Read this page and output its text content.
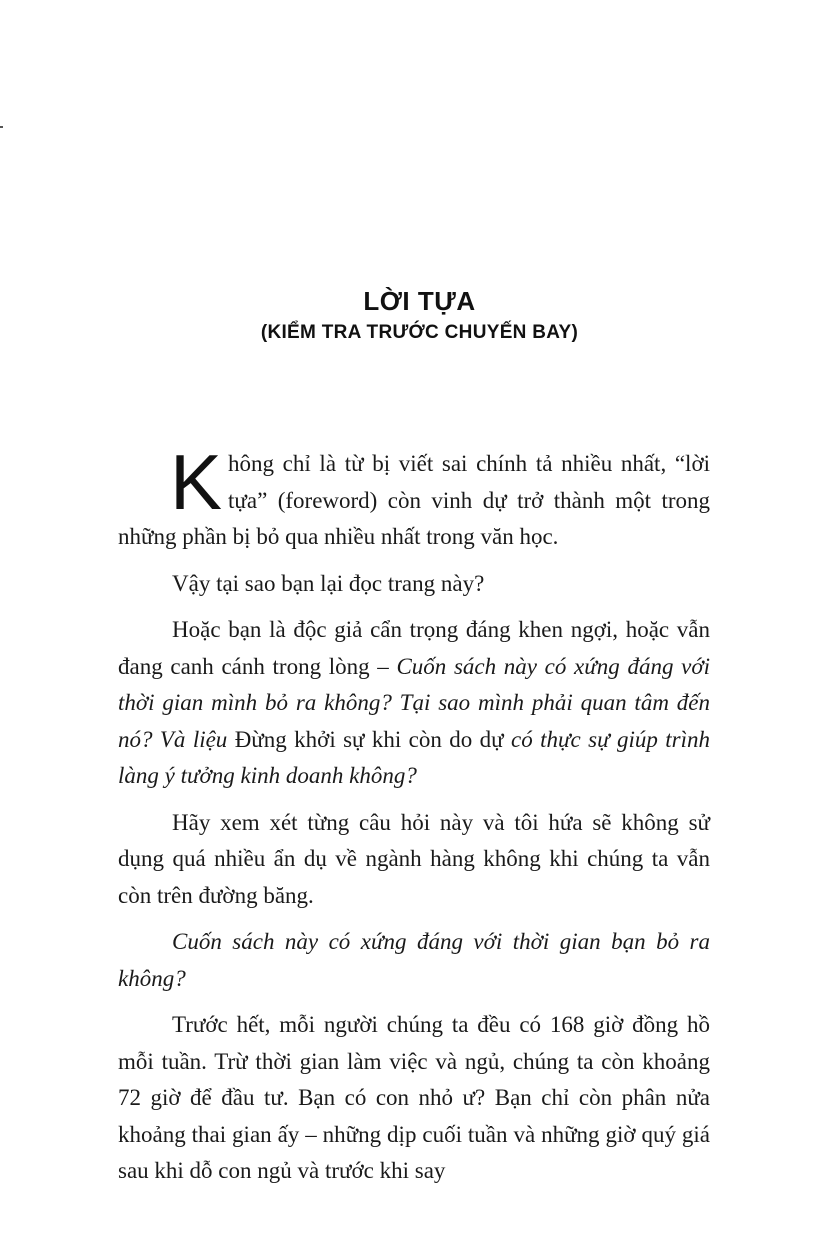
LỜI TỰA
(KIỂM TRA TRƯỚC CHUYẾN BAY)

Không chỉ là từ bị viết sai chính tả nhiều nhất, “lời tựa” (foreword) còn vinh dự trở thành một trong những phần bị bỏ qua nhiều nhất trong văn học.

Vậy tại sao bạn lại đọc trang này?

Hoặc bạn là độc giả cẩn trọng đáng khen ngợi, hoặc vẫn đang canh cánh trong lòng – Cuốn sách này có xứng đáng với thời gian mình bỏ ra không? Tại sao mình phải quan tâm đến nó? Và liệu Đừng khởi sự khi còn do dự có thực sự giúp trình làng ý tưởng kinh doanh không?

Hãy xem xét từng câu hỏi này và tôi hứa sẽ không sử dụng quá nhiều ẩn dụ về ngành hàng không khi chúng ta vẫn còn trên đường băng.

Cuốn sách này có xứng đáng với thời gian bạn bỏ ra không?

Trước hết, mỗi người chúng ta đều có 168 giờ đồng hồ mỗi tuần. Trừ thời gian làm việc và ngủ, chúng ta còn khoảng 72 giờ để đầu tư. Bạn có con nhỏ ư? Bạn chỉ còn phân nửa khoảng thai gian ấy – những dịp cuối tuần và những giờ quý giá sau khi dỗ con ngủ và trước khi say
